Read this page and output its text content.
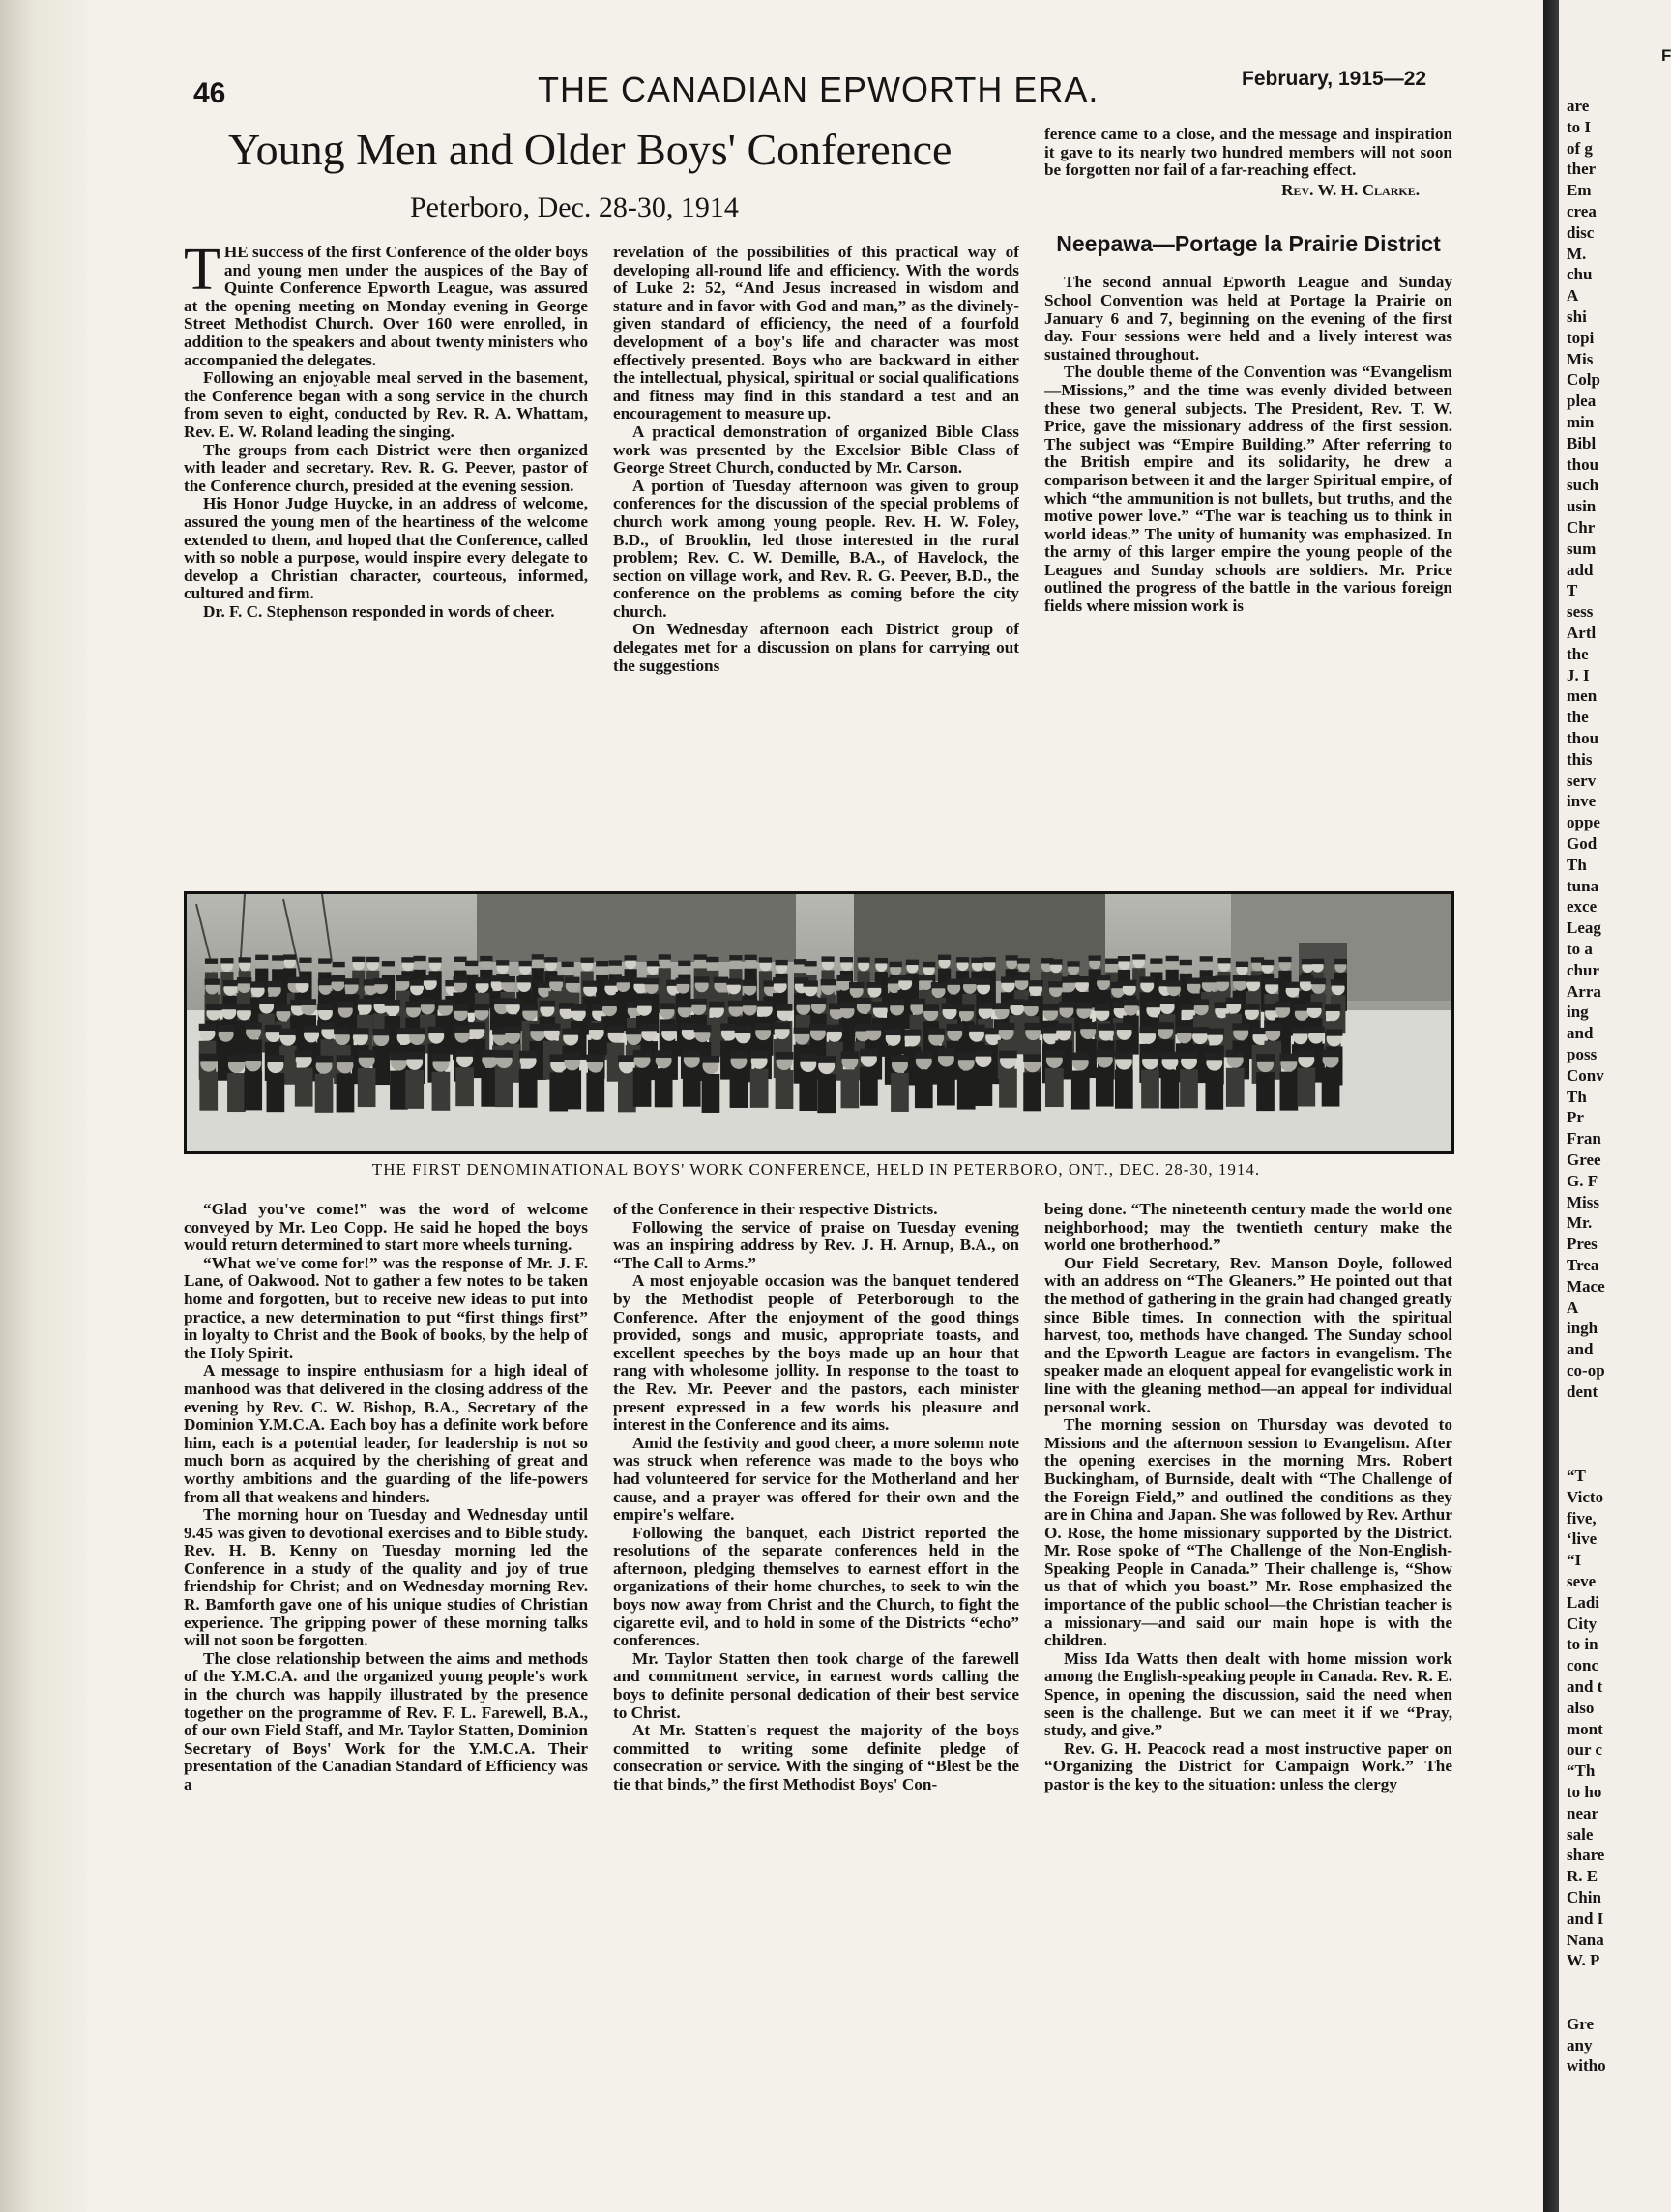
F
are
to I
of g
ther
Em
crea
disc
M.
chu
A
shi
topi
Mis
Colp
plea
min
Bibl
thou
such
usin
Chr
sum
add
T
sess
Artl
the
J. I
men
the
thou
this
serv
inve
oppe
God
Th
tuna
exce
Leag
to a
chur
Arra
ing
and
poss
Conv
Th
Pr
Fran
Gree
G. F
Miss
Mr.
Pres
Trea
Mace
A
ingh
and
co-op
dent
“T
Victo
five,
‘live
“I
seve
Ladi
City
to in
conc
and t
also
mont
our c
“Th
to ho
near
sale
share
R. E
Chin
and I
Nana
W. P
Gre
any
witho
46	THE CANADIAN EPWORTH ERA.	February, 1915—22
Young Men and Older Boys' Conference
Peterboro, Dec. 28-30, 1914

THE success of the first Conference of the older boys and young men under the auspices of the Bay of Quinte Conference Epworth League, was assured at the opening meeting on Monday evening in George Street Methodist Church. Over 160 were enrolled, in addition to the speakers and about twenty ministers who accompanied the delegates.

Following an enjoyable meal served in the basement, the Conference began with a song service in the church from seven to eight, conducted by Rev. R. A. Whattam, Rev. E. W. Roland leading the singing.

The groups from each District were then organized with leader and secretary. Rev. R. G. Peever, pastor of the Conference church, presided at the evening session.

His Honor Judge Huycke, in an address of welcome, assured the young men of the heartiness of the welcome extended to them, and hoped that the Conference, called with so noble a purpose, would inspire every delegate to develop a Christian character, courteous, informed, cultured and firm.

Dr. F. C. Stephenson responded in words of cheer.

revelation of the possibilities of this practical way of developing all-round life and efficiency. With the words of Luke 2: 52, “And Jesus increased in wisdom and stature and in favor with God and man,” as the divinely-given standard of efficiency, the need of a fourfold development of a boy's life and character was most effectively presented. Boys who are backward in either the intellectual, physical, spiritual or social qualifications and fitness may find in this standard a test and an encouragement to measure up.

A practical demonstration of organized Bible Class work was presented by the Excelsior Bible Class of George Street Church, conducted by Mr. Carson.

A portion of Tuesday afternoon was given to group conferences for the discussion of the special problems of church work among young people. Rev. H. W. Foley, B.D., of Brooklin, led those interested in the rural problem; Rev. C. W. Demille, B.A., of Havelock, the section on village work, and Rev. R. G. Peever, B.D., the conference on the problems as coming before the city church.

On Wednesday afternoon each District group of delegates met for a discussion on plans for carrying out the suggestions

ference came to a close, and the message and inspiration it gave to its nearly two hundred members will not soon be forgotten nor fail of a far-reaching effect.

Rev. W. H. Clarke.
Neepawa—Portage la Prairie District

The second annual Epworth League and Sunday School Convention was held at Portage la Prairie on January 6 and 7, beginning on the evening of the first day. Four sessions were held and a lively interest was sustained throughout.

The double theme of the Convention was “Evangelism—Missions,” and the time was evenly divided between these two general subjects. The President, Rev. T. W. Price, gave the missionary address of the first session. The subject was “Empire Building.” After referring to the British empire and its solidarity, he drew a comparison between it and the larger Spiritual empire, of which “the ammunition is not bullets, but truths, and the motive power love.” “The war is teaching us to think in world ideas.” The unity of humanity was emphasized. In the army of this larger empire the young people of the Leagues and Sunday schools are soldiers. Mr. Price outlined the progress of the battle in the various foreign fields where mission work is

THE FIRST DENOMINATIONAL BOYS' WORK CONFERENCE, HELD IN PETERBORO, ONT., DEC. 28-30, 1914.

“Glad you've come!” was the word of welcome conveyed by Mr. Leo Copp. He said he hoped the boys would return determined to start more wheels turning.

“What we've come for!” was the response of Mr. J. F. Lane, of Oakwood. Not to gather a few notes to be taken home and forgotten, but to receive new ideas to put into practice, a new determination to put “first things first” in loyalty to Christ and the Book of books, by the help of the Holy Spirit.

A message to inspire enthusiasm for a high ideal of manhood was that delivered in the closing address of the evening by Rev. C. W. Bishop, B.A., Secretary of the Dominion Y.M.C.A. Each boy has a definite work before him, each is a potential leader, for leadership is not so much born as acquired by the cherishing of great and worthy ambitions and the guarding of the life-powers from all that weakens and hinders.

The morning hour on Tuesday and Wednesday until 9.45 was given to devotional exercises and to Bible study. Rev. H. B. Kenny on Tuesday morning led the Conference in a study of the quality and joy of true friendship for Christ; and on Wednesday morning Rev. R. Bamforth gave one of his unique studies of Christian experience. The gripping power of these morning talks will not soon be forgotten.

The close relationship between the aims and methods of the Y.M.C.A. and the organized young people's work in the church was happily illustrated by the presence together on the programme of Rev. F. L. Farewell, B.A., of our own Field Staff, and Mr. Taylor Statten, Dominion Secretary of Boys' Work for the Y.M.C.A. Their presentation of the Canadian Standard of Efficiency was a

of the Conference in their respective Districts.

Following the service of praise on Tuesday evening was an inspiring address by Rev. J. H. Arnup, B.A., on “The Call to Arms.”

A most enjoyable occasion was the banquet tendered by the Methodist people of Peterborough to the Conference. After the enjoyment of the good things provided, songs and music, appropriate toasts, and excellent speeches by the boys made up an hour that rang with wholesome jollity. In response to the toast to the Rev. Mr. Peever and the pastors, each minister present expressed in a few words his pleasure and interest in the Conference and its aims.

Amid the festivity and good cheer, a more solemn note was struck when reference was made to the boys who had volunteered for service for the Motherland and her cause, and a prayer was offered for their own and the empire's welfare.

Following the banquet, each District reported the resolutions of the separate conferences held in the afternoon, pledging themselves to earnest effort in the organizations of their home churches, to seek to win the boys now away from Christ and the Church, to fight the cigarette evil, and to hold in some of the Districts “echo” conferences.

Mr. Taylor Statten then took charge of the farewell and commitment service, in earnest words calling the boys to definite personal dedication of their best service to Christ.

At Mr. Statten's request the majority of the boys committed to writing some definite pledge of consecration or service. With the singing of “Blest be the tie that binds,” the first Methodist Boys' Con-

being done. “The nineteenth century made the world one neighborhood; may the twentieth century make the world one brotherhood.”

Our Field Secretary, Rev. Manson Doyle, followed with an address on “The Gleaners.” He pointed out that the method of gathering in the grain had changed greatly since Bible times. In connection with the spiritual harvest, too, methods have changed. The Sunday school and the Epworth League are factors in evangelism. The speaker made an eloquent appeal for evangelistic work in line with the gleaning method—an appeal for individual personal work.

The morning session on Thursday was devoted to Missions and the afternoon session to Evangelism. After the opening exercises in the morning Mrs. Robert Buckingham, of Burnside, dealt with “The Challenge of the Foreign Field,” and outlined the conditions as they are in China and Japan. She was followed by Rev. Arthur O. Rose, the home missionary supported by the District. Mr. Rose spoke of “The Challenge of the Non-English-Speaking People in Canada.” Their challenge is, “Show us that of which you boast.” Mr. Rose emphasized the importance of the public school—the Christian teacher is a missionary—and said our main hope is with the children.

Miss Ida Watts then dealt with home mission work among the English-speaking people in Canada. Rev. R. E. Spence, in opening the discussion, said the need when seen is the challenge. But we can meet it if we “Pray, study, and give.”

Rev. G. H. Peacock read a most instructive paper on “Organizing the District for Campaign Work.” The pastor is the key to the situation: unless the clergy
